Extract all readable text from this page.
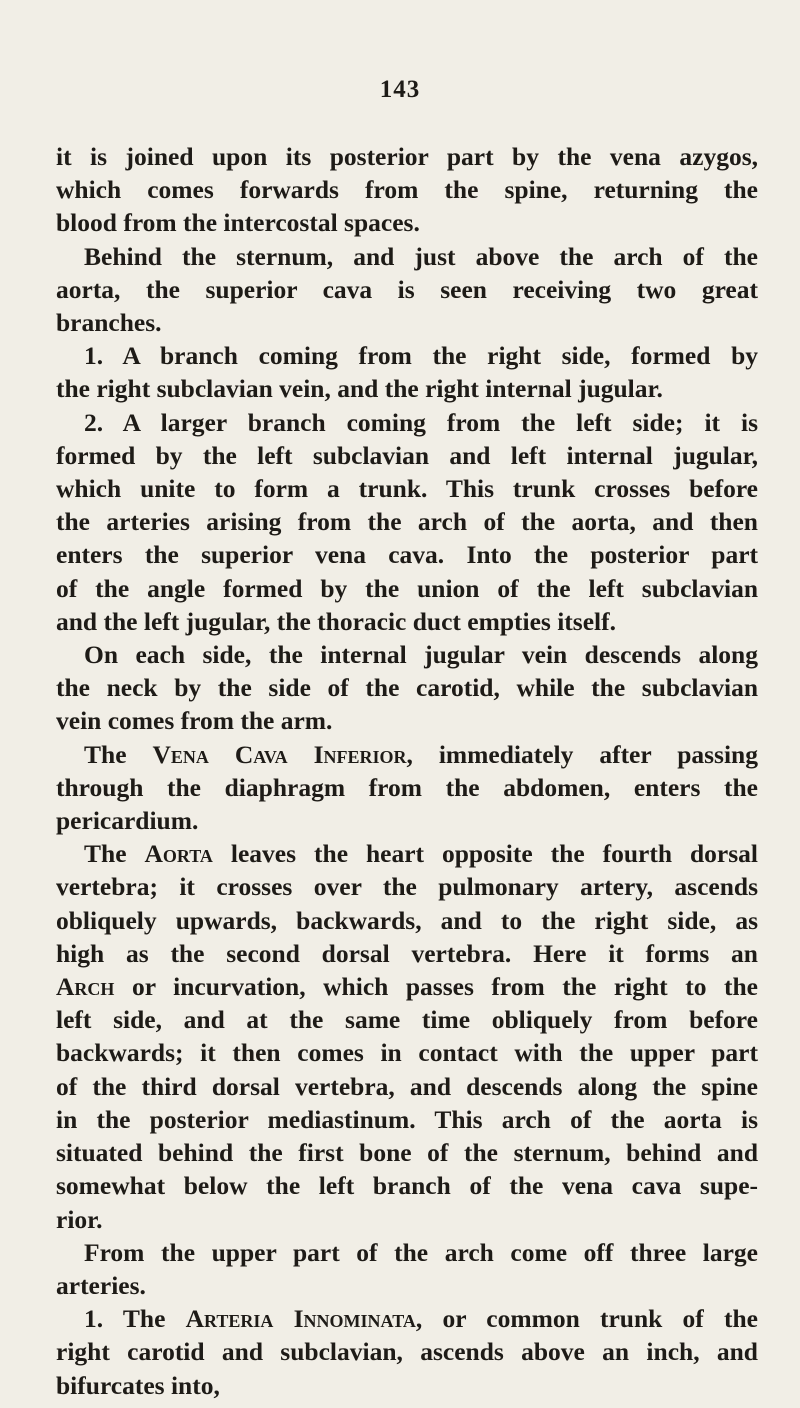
143

it is joined upon its posterior part by the vena azygos,
which comes forwards from the spine, returning the
blood from the intercostal spaces.

Behind the sternum, and just above the arch of the
aorta, the superior cava is seen receiving two great
branches.

1. A branch coming from the right side, formed by
the right subclavian vein, and the right internal jugular.

2. A larger branch coming from the left side; it is
formed by the left subclavian and left internal jugular,
which unite to form a trunk. This trunk crosses before
the arteries arising from the arch of the aorta, and then
enters the superior vena cava. Into the posterior part
of the angle formed by the union of the left subclavian
and the left jugular, the thoracic duct empties itself.

On each side, the internal jugular vein descends along
the neck by the side of the carotid, while the subclavian
vein comes from the arm.

The Vena Cava Inferior, immediately after passing
through the diaphragm from the abdomen, enters the
pericardium.

The Aorta leaves the heart opposite the fourth dorsal
vertebra; it crosses over the pulmonary artery, ascends
obliquely upwards, backwards, and to the right side, as
high as the second dorsal vertebra. Here it forms an
Arch or incurvation, which passes from the right to the
left side, and at the same time obliquely from before
backwards; it then comes in contact with the upper part
of the third dorsal vertebra, and descends along the spine
in the posterior mediastinum. This arch of the aorta is
situated behind the first bone of the sternum, behind and
somewhat below the left branch of the vena cava supe-
rior.

From the upper part of the arch come off three large
arteries.

1. The Arteria Innominata, or common trunk of the
right carotid and subclavian, ascends above an inch, and
bifurcates into,
